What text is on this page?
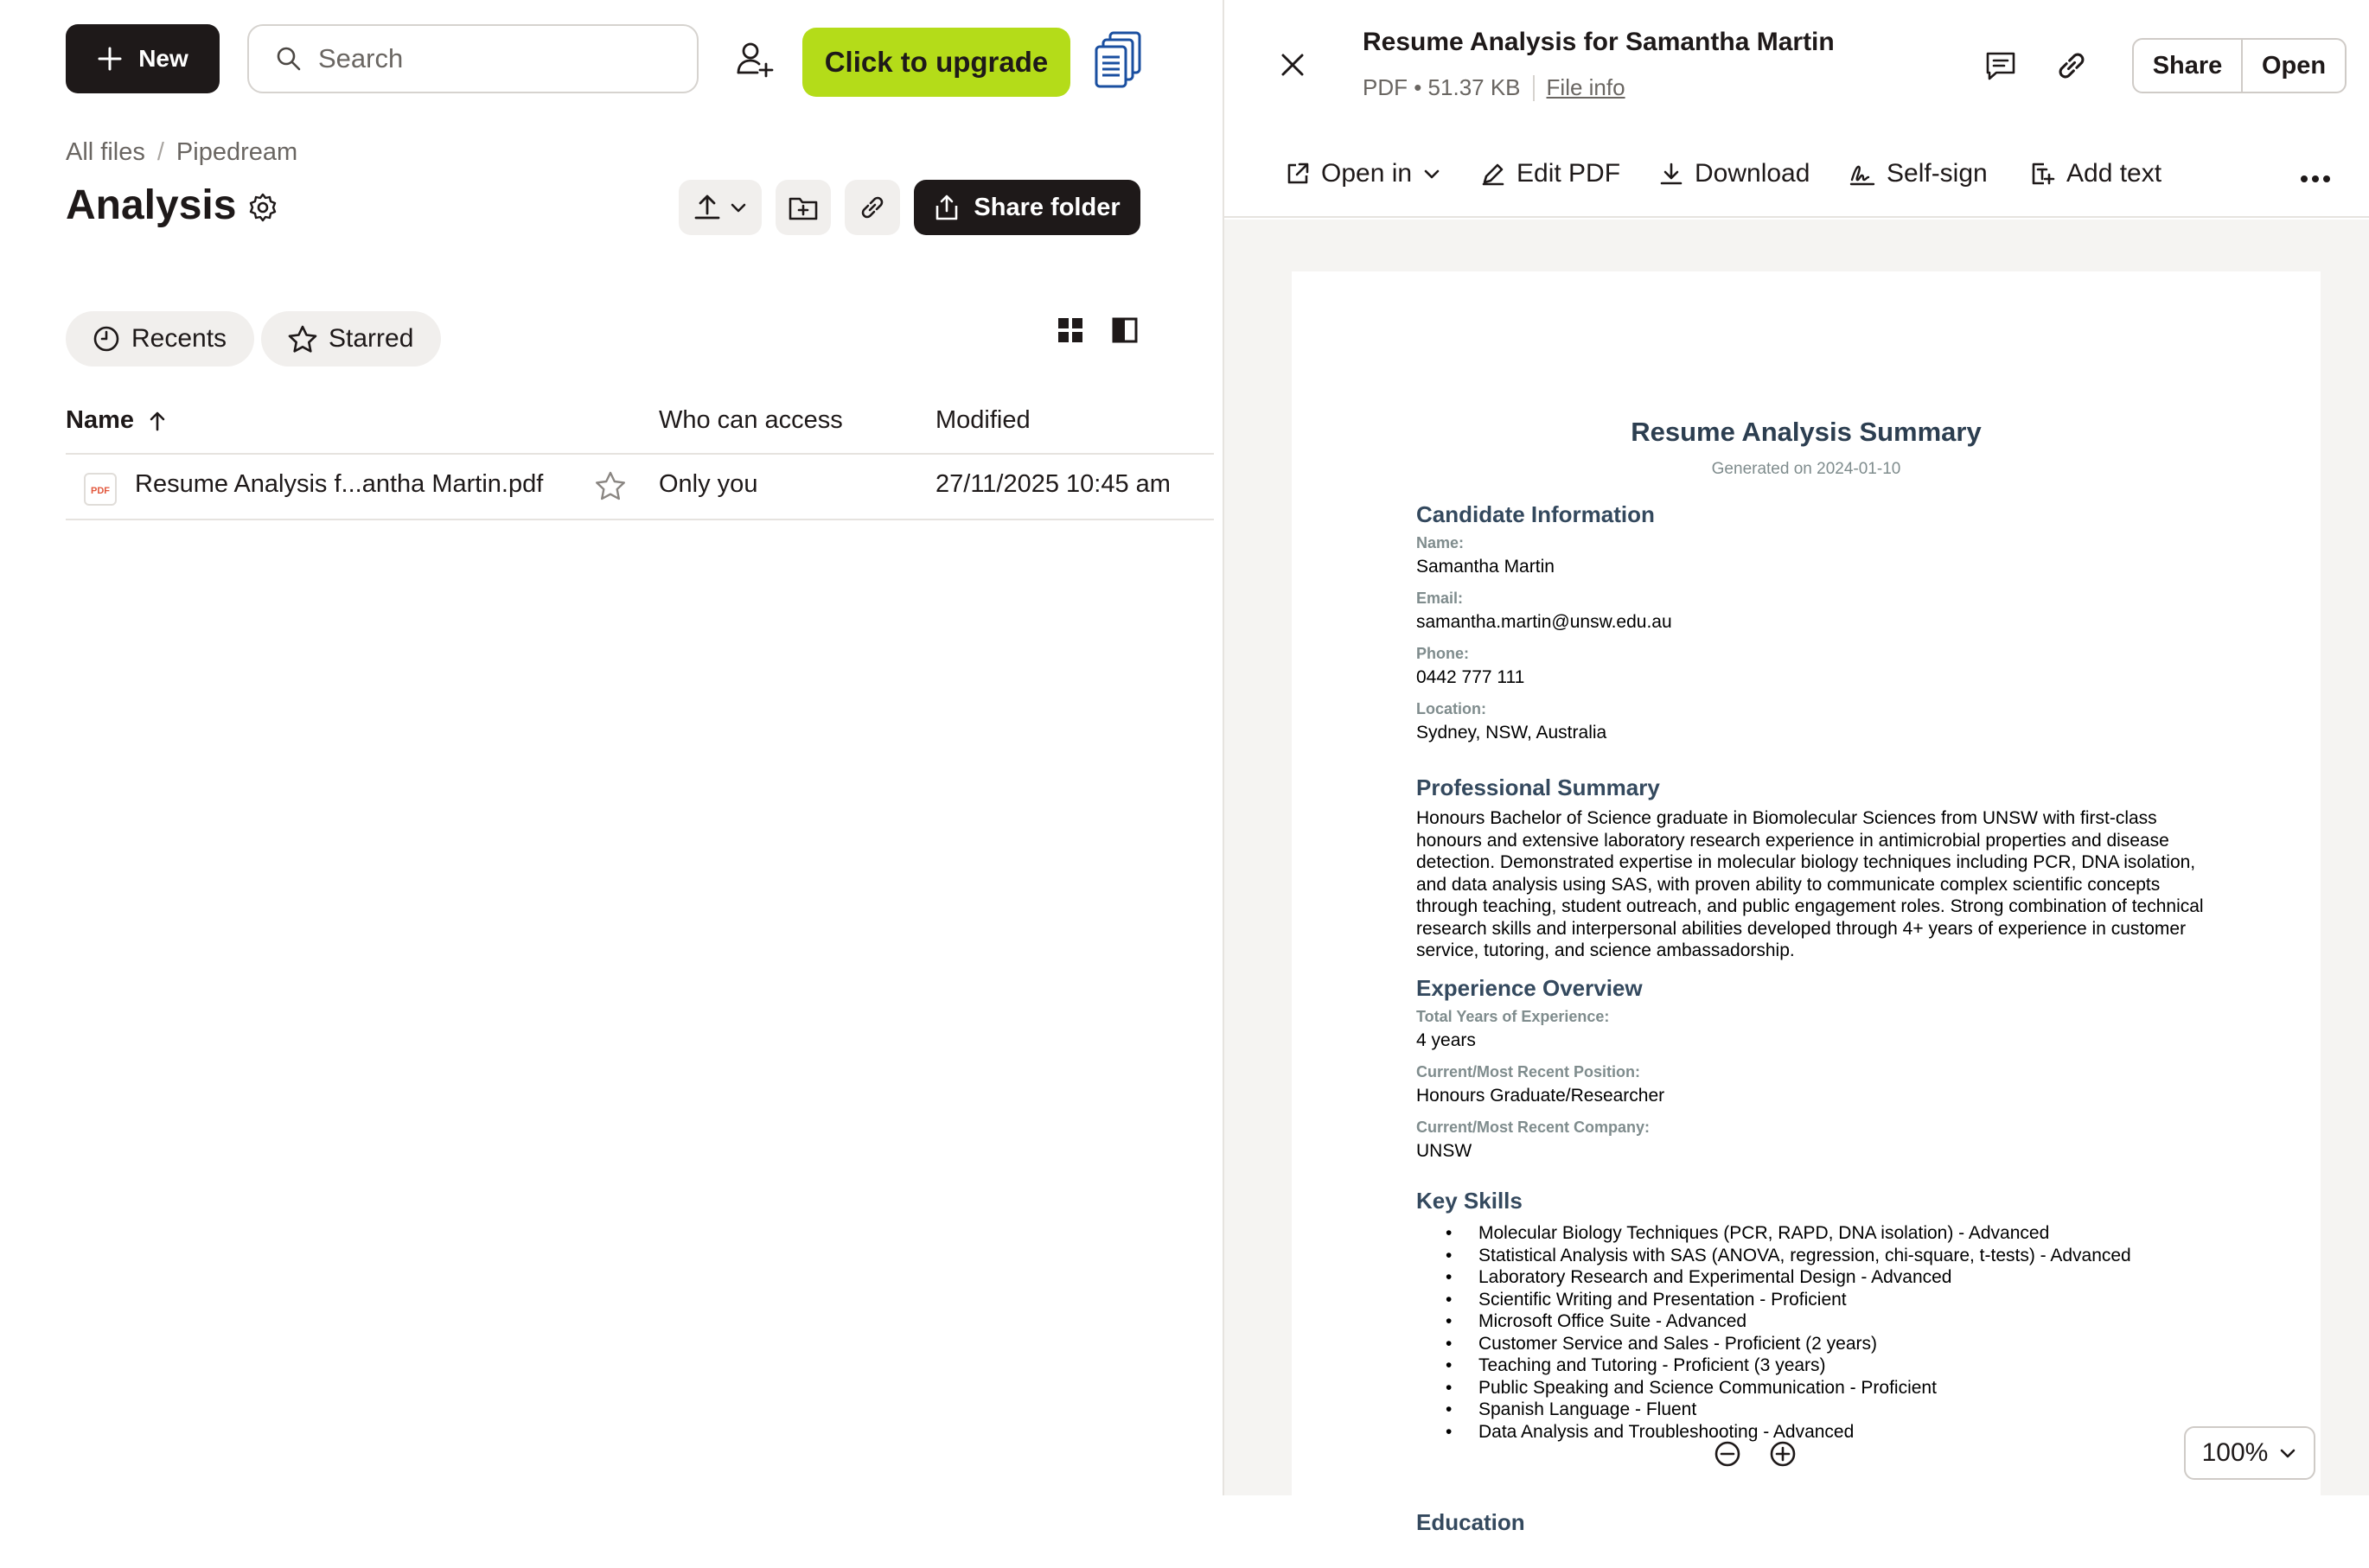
New
Search	Click to upgrade
All files / Pipedream
Analysis	Share folder
Recents	Starred
Name	Who can access	Modified
PDF Resume Analysis f...antha Martin.pdf	Only you	27/11/2025 10:45 am
Resume Analysis for Samantha Martin
PDF • 51.37 KB File info
Share	Open
Open in	Edit PDF	Download	Self-sign	Add text
Resume Analysis Summary
Generated on 2024-01-10
Candidate Information
Name:
Samantha Martin
Email:
samantha.martin@unsw.edu.au
Phone:
0442 777 111
Location:
Sydney, NSW, Australia
Professional Summary
Honours Bachelor of Science graduate in Biomolecular Sciences from UNSW with first-class honours and extensive laboratory research experience in antimicrobial properties and disease detection. Demonstrated expertise in molecular biology techniques including PCR, DNA isolation, and data analysis using SAS, with proven ability to communicate complex scientific concepts through teaching, student outreach, and public engagement roles. Strong combination of technical research skills and interpersonal abilities developed through 4+ years of experience in customer service, tutoring, and science ambassadorship.
Experience Overview
Total Years of Experience:
4 years
Current/Most Recent Position:
Honours Graduate/Researcher
Current/Most Recent Company:
UNSW
Key Skills
• Molecular Biology Techniques (PCR, RAPD, DNA isolation) - Advanced
• Statistical Analysis with SAS (ANOVA, regression, chi-square, t-tests) - Advanced
• Laboratory Research and Experimental Design - Advanced
• Scientific Writing and Presentation - Proficient
• Microsoft Office Suite - Advanced
• Customer Service and Sales - Proficient (2 years)
• Teaching and Tutoring - Proficient (3 years)
• Public Speaking and Science Communication - Proficient
• Spanish Language - Fluent
• Data Analysis and Troubleshooting - Advanced
Education
100%
